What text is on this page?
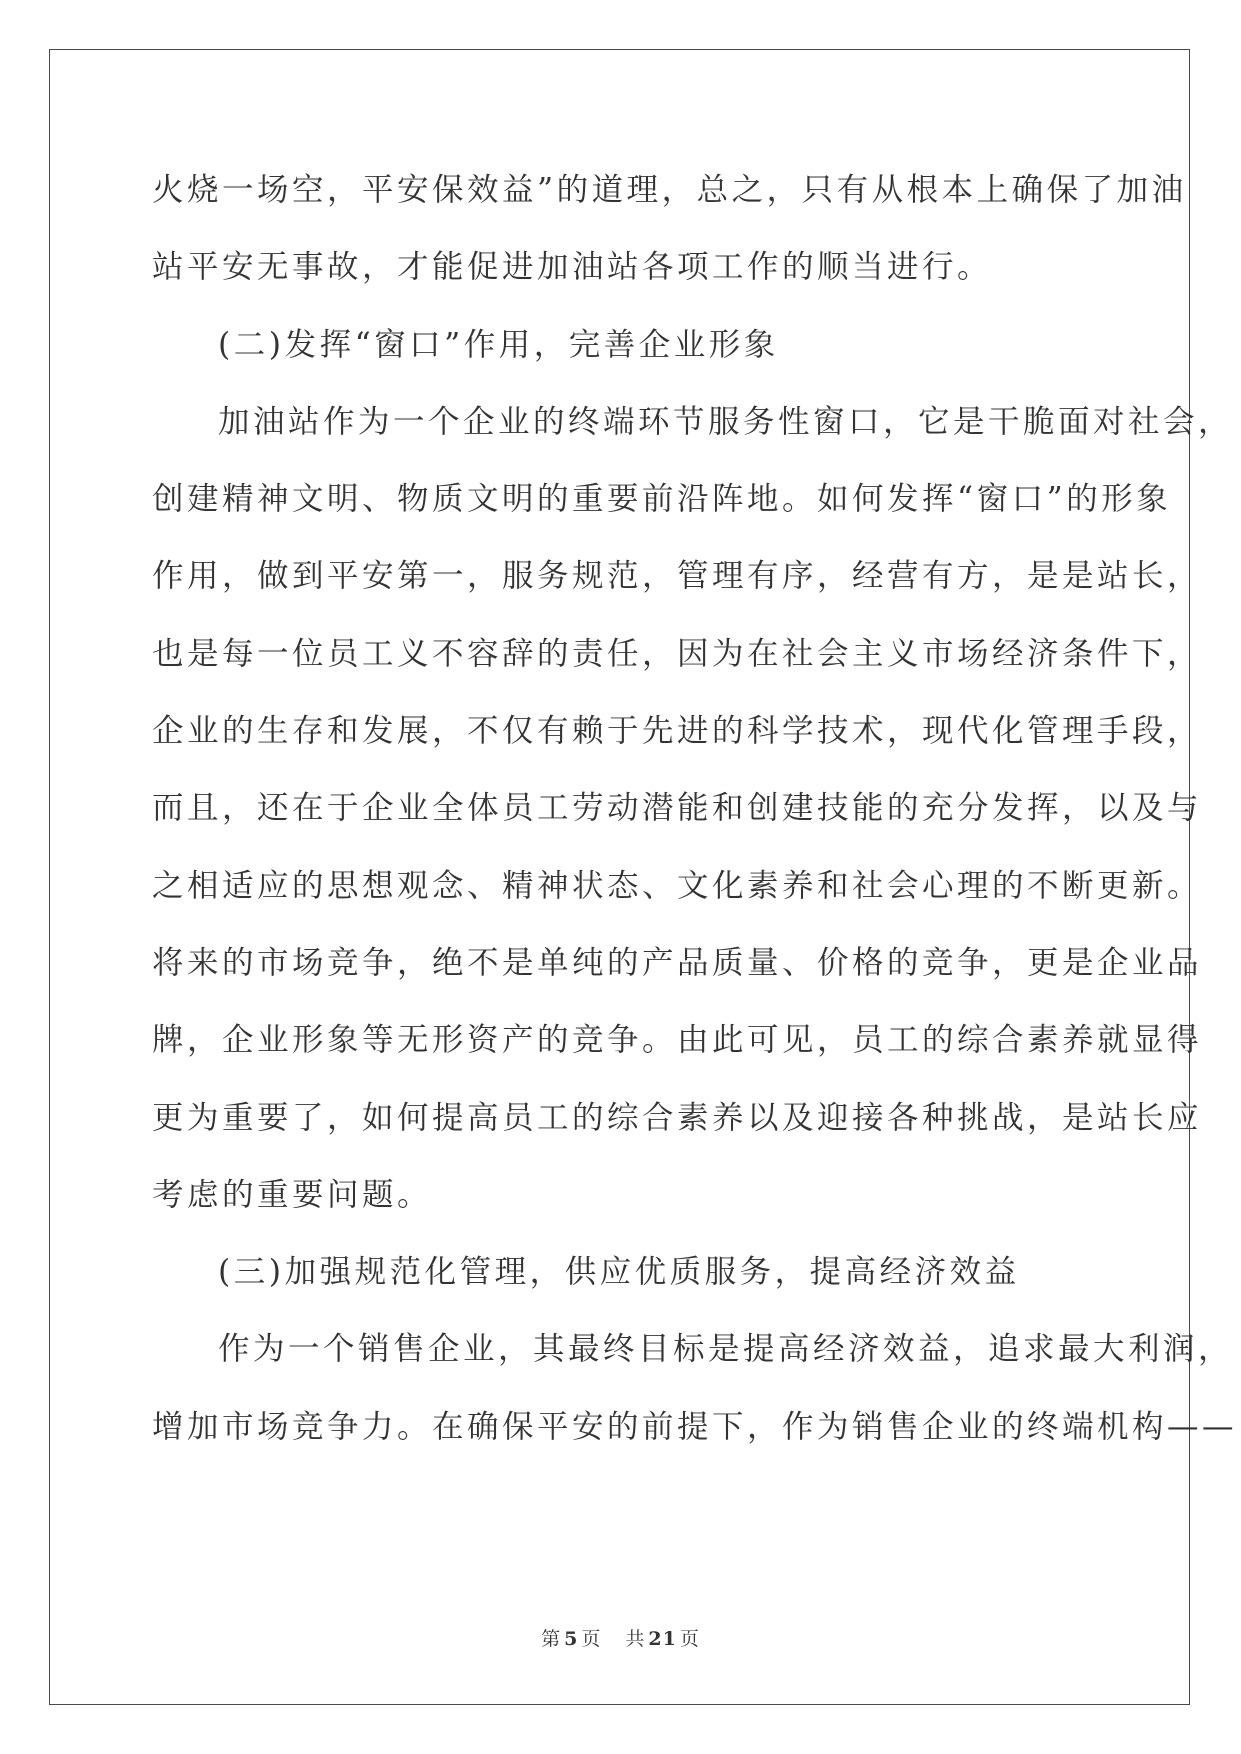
火烧一场空，平安保效益”的道理，总之，只有从根本上确保了加油
站平安无事故，才能促进加油站各项工作的顺当进行。
(二)发挥“窗口”作用，完善企业形象
加油站作为一个企业的终端环节服务性窗口，它是干脆面对社会，
创建精神文明、物质文明的重要前沿阵地。如何发挥“窗口”的形象
作用，做到平安第一，服务规范，管理有序，经营有方，是是站长，
也是每一位员工义不容辞的责任，因为在社会主义市场经济条件下，
企业的生存和发展，不仅有赖于先进的科学技术，现代化管理手段，
而且，还在于企业全体员工劳动潜能和创建技能的充分发挥，以及与
之相适应的思想观念、精神状态、文化素养和社会心理的不断更新。
将来的市场竞争，绝不是单纯的产品质量、价格的竞争，更是企业品
牌，企业形象等无形资产的竞争。由此可见，员工的综合素养就显得
更为重要了，如何提高员工的综合素养以及迎接各种挑战，是站长应
考虑的重要问题。
(三)加强规范化管理，供应优质服务，提高经济效益
作为一个销售企业，其最终目标是提高经济效益，追求最大利润，
增加市场竞争力。在确保平安的前提下，作为销售企业的终端机构——
第 5 页 共 21 页
